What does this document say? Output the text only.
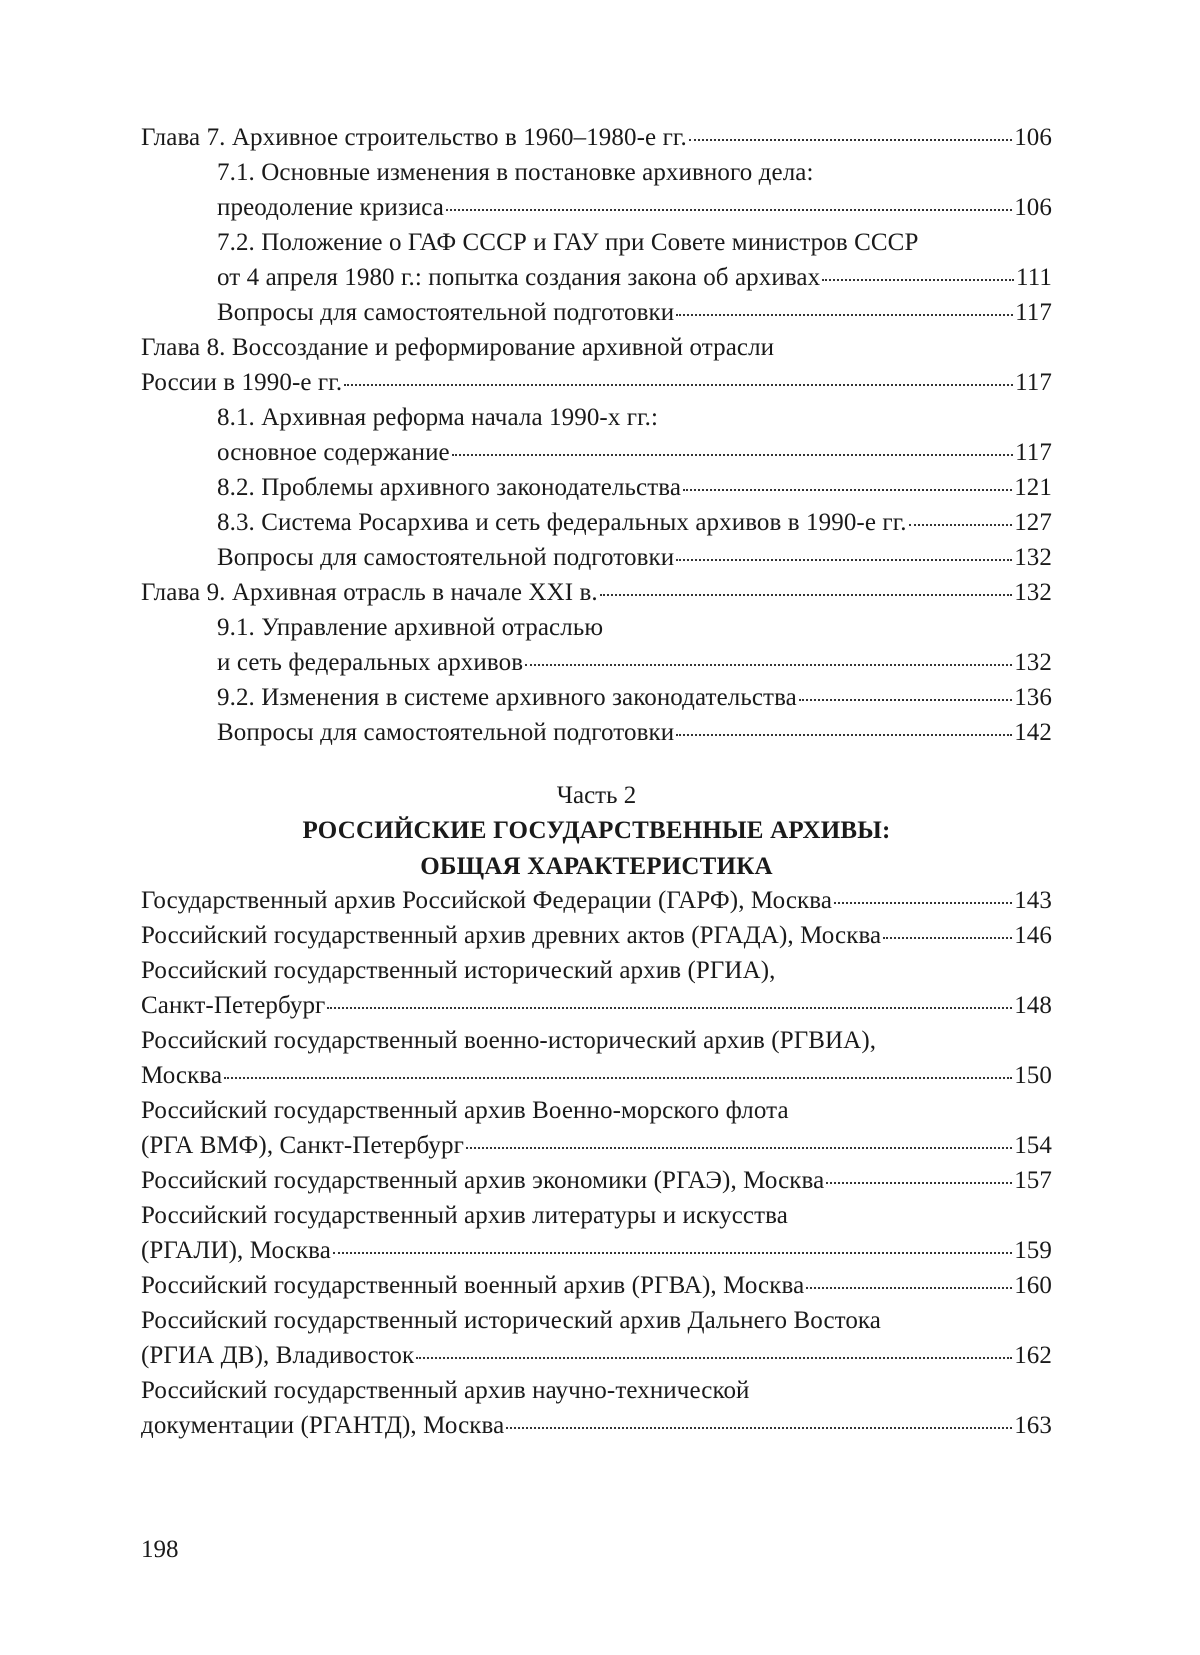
Глава 7. Архивное строительство в 1960–1980-е гг.	106
7.1. Основные изменения в постановке архивного дела:
преодоление кризиса	106
7.2. Положение о ГАФ СССР и ГАУ при Совете министров СССР
от 4 апреля 1980 г.: попытка создания закона об архивах	111
Вопросы для самостоятельной подготовки	117
Глава 8. Воссоздание и реформирование архивной отрасли
России в 1990-е гг.	117
8.1. Архивная реформа начала 1990-х гг.:
основное содержание	117
8.2. Проблемы архивного законодательства	121
8.3. Система Росархива и сеть федеральных архивов в 1990-е гг.	127
Вопросы для самостоятельной подготовки	132
Глава 9. Архивная отрасль в начале XXI в.	132
9.1. Управление архивной отраслью
и сеть федеральных архивов	132
9.2. Изменения в системе архивного законодательства	136
Вопросы для самостоятельной подготовки	142
Часть 2
РОССИЙСКИЕ ГОСУДАРСТВЕННЫЕ АРХИВЫ:
ОБЩАЯ ХАРАКТЕРИСТИКА
Государственный архив Российской Федерации (ГАРФ), Москва	143
Российский государственный архив древних актов (РГАДА), Москва	146
Российский государственный исторический архив (РГИА),
Санкт-Петербург	148
Российский государственный военно-исторический архив (РГВИА),
Москва	150
Российский государственный архив Военно-морского флота
(РГА ВМФ), Санкт-Петербург	154
Российский государственный архив экономики (РГАЭ), Москва	157
Российский государственный архив литературы и искусства
(РГАЛИ), Москва	159
Российский государственный военный архив (РГВА), Москва	160
Российский государственный исторический архив Дальнего Востока
(РГИА ДВ), Владивосток	162
Российский государственный архив научно-технической
документации (РГАНТД), Москва	163
198
